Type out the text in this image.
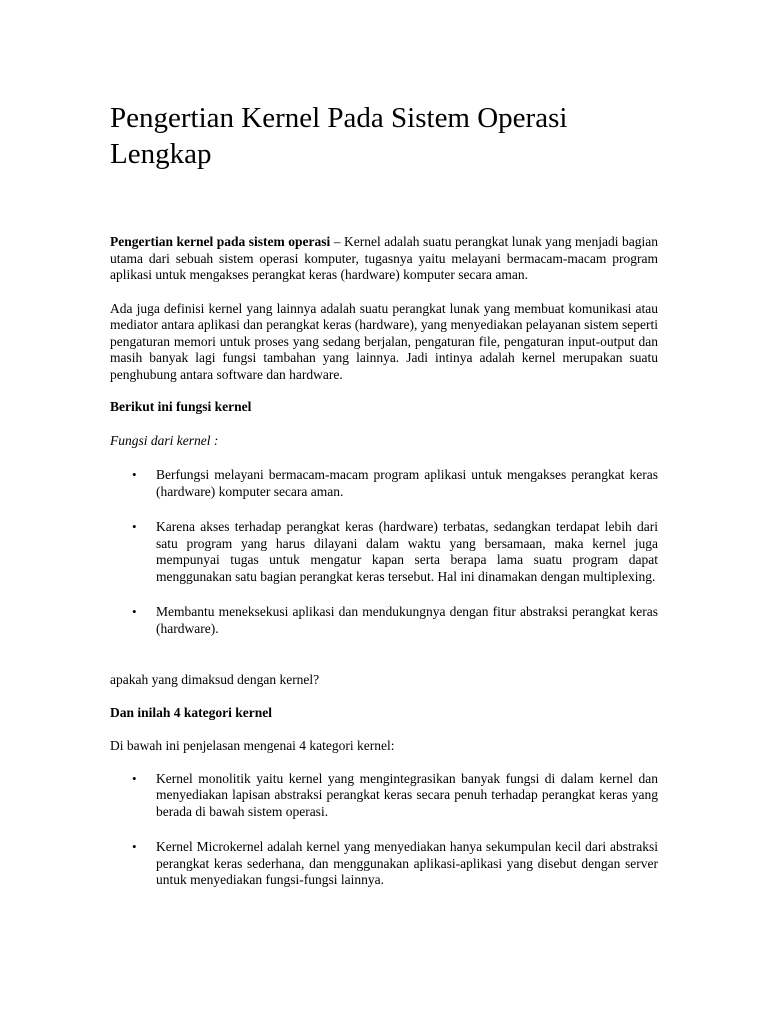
Pengertian Kernel Pada Sistem Operasi Lengkap

Pengertian kernel pada sistem operasi – Kernel adalah suatu perangkat lunak yang menjadi bagian utama dari sebuah sistem operasi komputer, tugasnya yaitu melayani bermacam-macam program aplikasi untuk mengakses perangkat keras (hardware) komputer secara aman.

Ada juga definisi kernel yang lainnya adalah suatu perangkat lunak yang membuat komunikasi atau mediator antara aplikasi dan perangkat keras (hardware), yang menyediakan pelayanan sistem seperti pengaturan memori untuk proses yang sedang berjalan, pengaturan file, pengaturan input-output dan masih banyak lagi fungsi tambahan yang lainnya. Jadi intinya adalah kernel merupakan suatu penghubung antara software dan hardware.

Berikut ini fungsi kernel

Fungsi dari kernel :

• Berfungsi melayani bermacam-macam program aplikasi untuk mengakses perangkat keras (hardware) komputer secara aman.
• Karena akses terhadap perangkat keras (hardware) terbatas, sedangkan terdapat lebih dari satu program yang harus dilayani dalam waktu yang bersamaan, maka kernel juga mempunyai tugas untuk mengatur kapan serta berapa lama suatu program dapat menggunakan satu bagian perangkat keras tersebut. Hal ini dinamakan dengan multiplexing.
• Membantu meneksekusi aplikasi dan mendukungnya dengan fitur abstraksi perangkat keras (hardware).

apakah yang dimaksud dengan kernel?

Dan inilah 4 kategori kernel

Di bawah ini penjelasan mengenai 4 kategori kernel:

• Kernel monolitik yaitu kernel yang mengintegrasikan banyak fungsi di dalam kernel dan menyediakan lapisan abstraksi perangkat keras secara penuh terhadap perangkat keras yang berada di bawah sistem operasi.
• Kernel Microkernel adalah kernel yang menyediakan hanya sekumpulan kecil dari abstraksi perangkat keras sederhana, dan menggunakan aplikasi-aplikasi yang disebut dengan server untuk menyediakan fungsi-fungsi lainnya.
